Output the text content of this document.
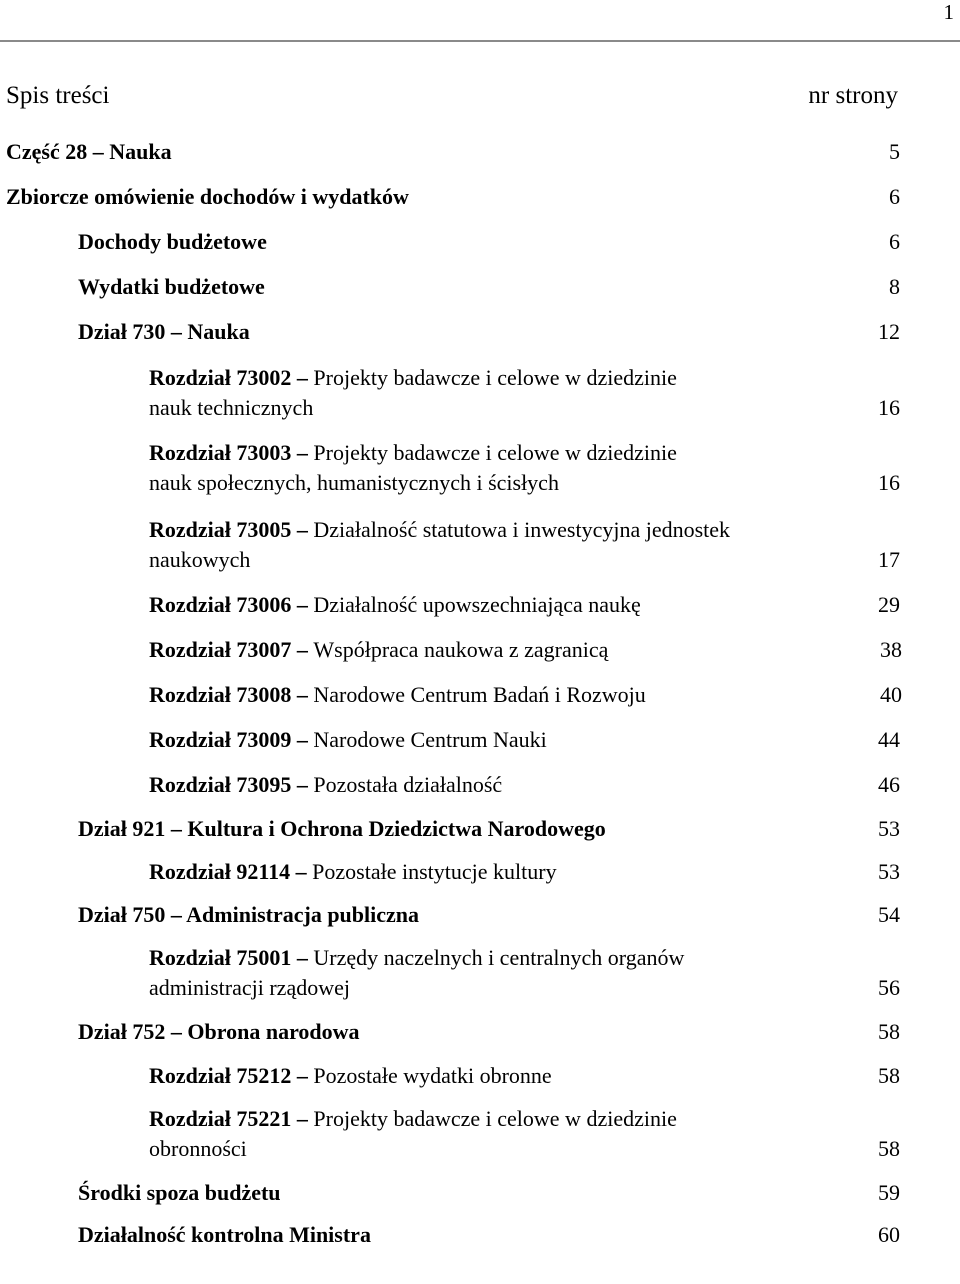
1
Spis treści	nr strony
Część 28 – Nauka	5
Zbiorcze omówienie dochodów i wydatków	6
Dochody budżetowe	6
Wydatki budżetowe	8
Dział 730 – Nauka	12
Rozdział 73002 – Projekty badawcze i celowe w dziedzinie
nauk technicznych	16
Rozdział 73003 – Projekty badawcze i celowe w dziedzinie
nauk społecznych, humanistycznych i ścisłych	16
Rozdział 73005 – Działalność statutowa i inwestycyjna jednostek
naukowych	17
Rozdział 73006 – Działalność upowszechniająca naukę	29
Rozdział 73007 – Współpraca naukowa z zagranicą	38
Rozdział 73008 – Narodowe Centrum Badań i Rozwoju	40
Rozdział 73009 – Narodowe Centrum Nauki	44
Rozdział 73095 – Pozostała działalność	46
Dział 921 – Kultura i Ochrona Dziedzictwa Narodowego	53
Rozdział 92114 – Pozostałe instytucje kultury	53
Dział 750 – Administracja publiczna	54
Rozdział 75001 – Urzędy naczelnych i centralnych organów
administracji rządowej	56
Dział 752 – Obrona narodowa	58
Rozdział 75212 – Pozostałe wydatki obronne	58
Rozdział 75221 – Projekty badawcze i celowe w dziedzinie
obronności	58
Środki spoza budżetu	59
Działalność kontrolna Ministra	60
